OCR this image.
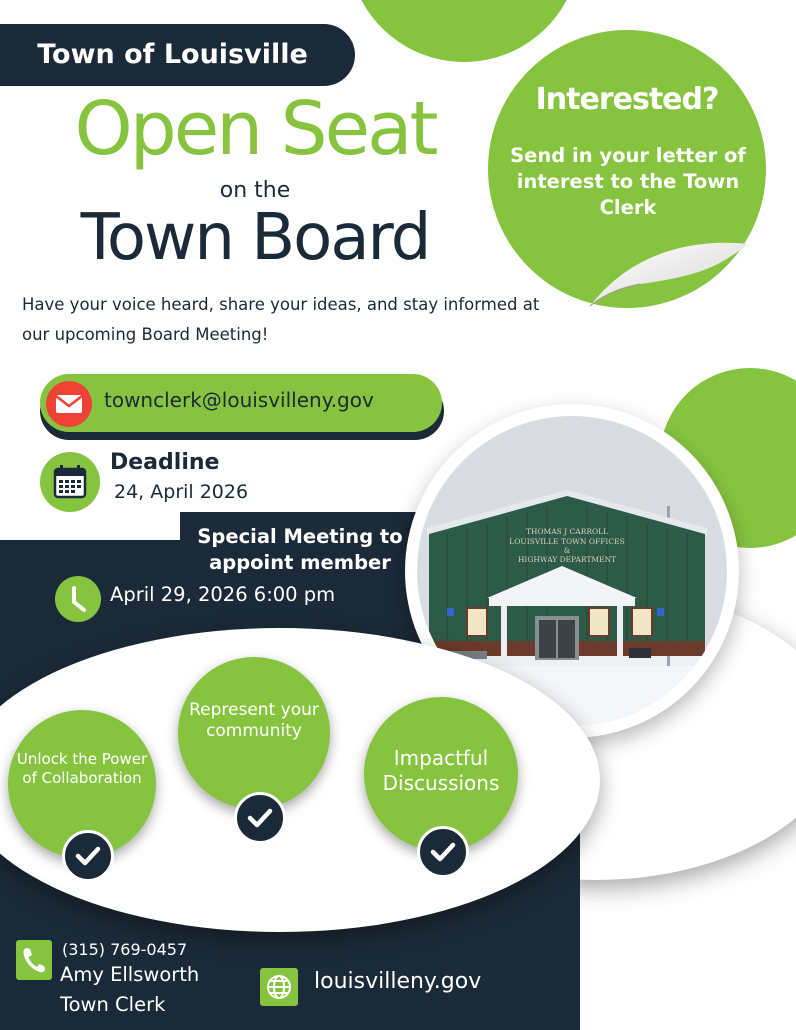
Town of Louisville
Open Seat
on the
Town Board
Have your voice heard, share your ideas, and stay informed at our upcoming Board Meeting!
Interested?
Send in your letter of interest to the Town Clerk
townclerk@louisvilleny.gov
Deadline
24, April 2026
THOMAS J CARROLL
LOUISVILLE TOWN OFFICES
&
HIGHWAY DEPARTMENT
Special Meeting to appoint member
April 29, 2026 6:00 pm
Unlock the Power of Collaboration
Represent your community
Impactful Discussions
(315) 769-0457
Amy Ellsworth
Town Clerk
louisvilleny.gov
